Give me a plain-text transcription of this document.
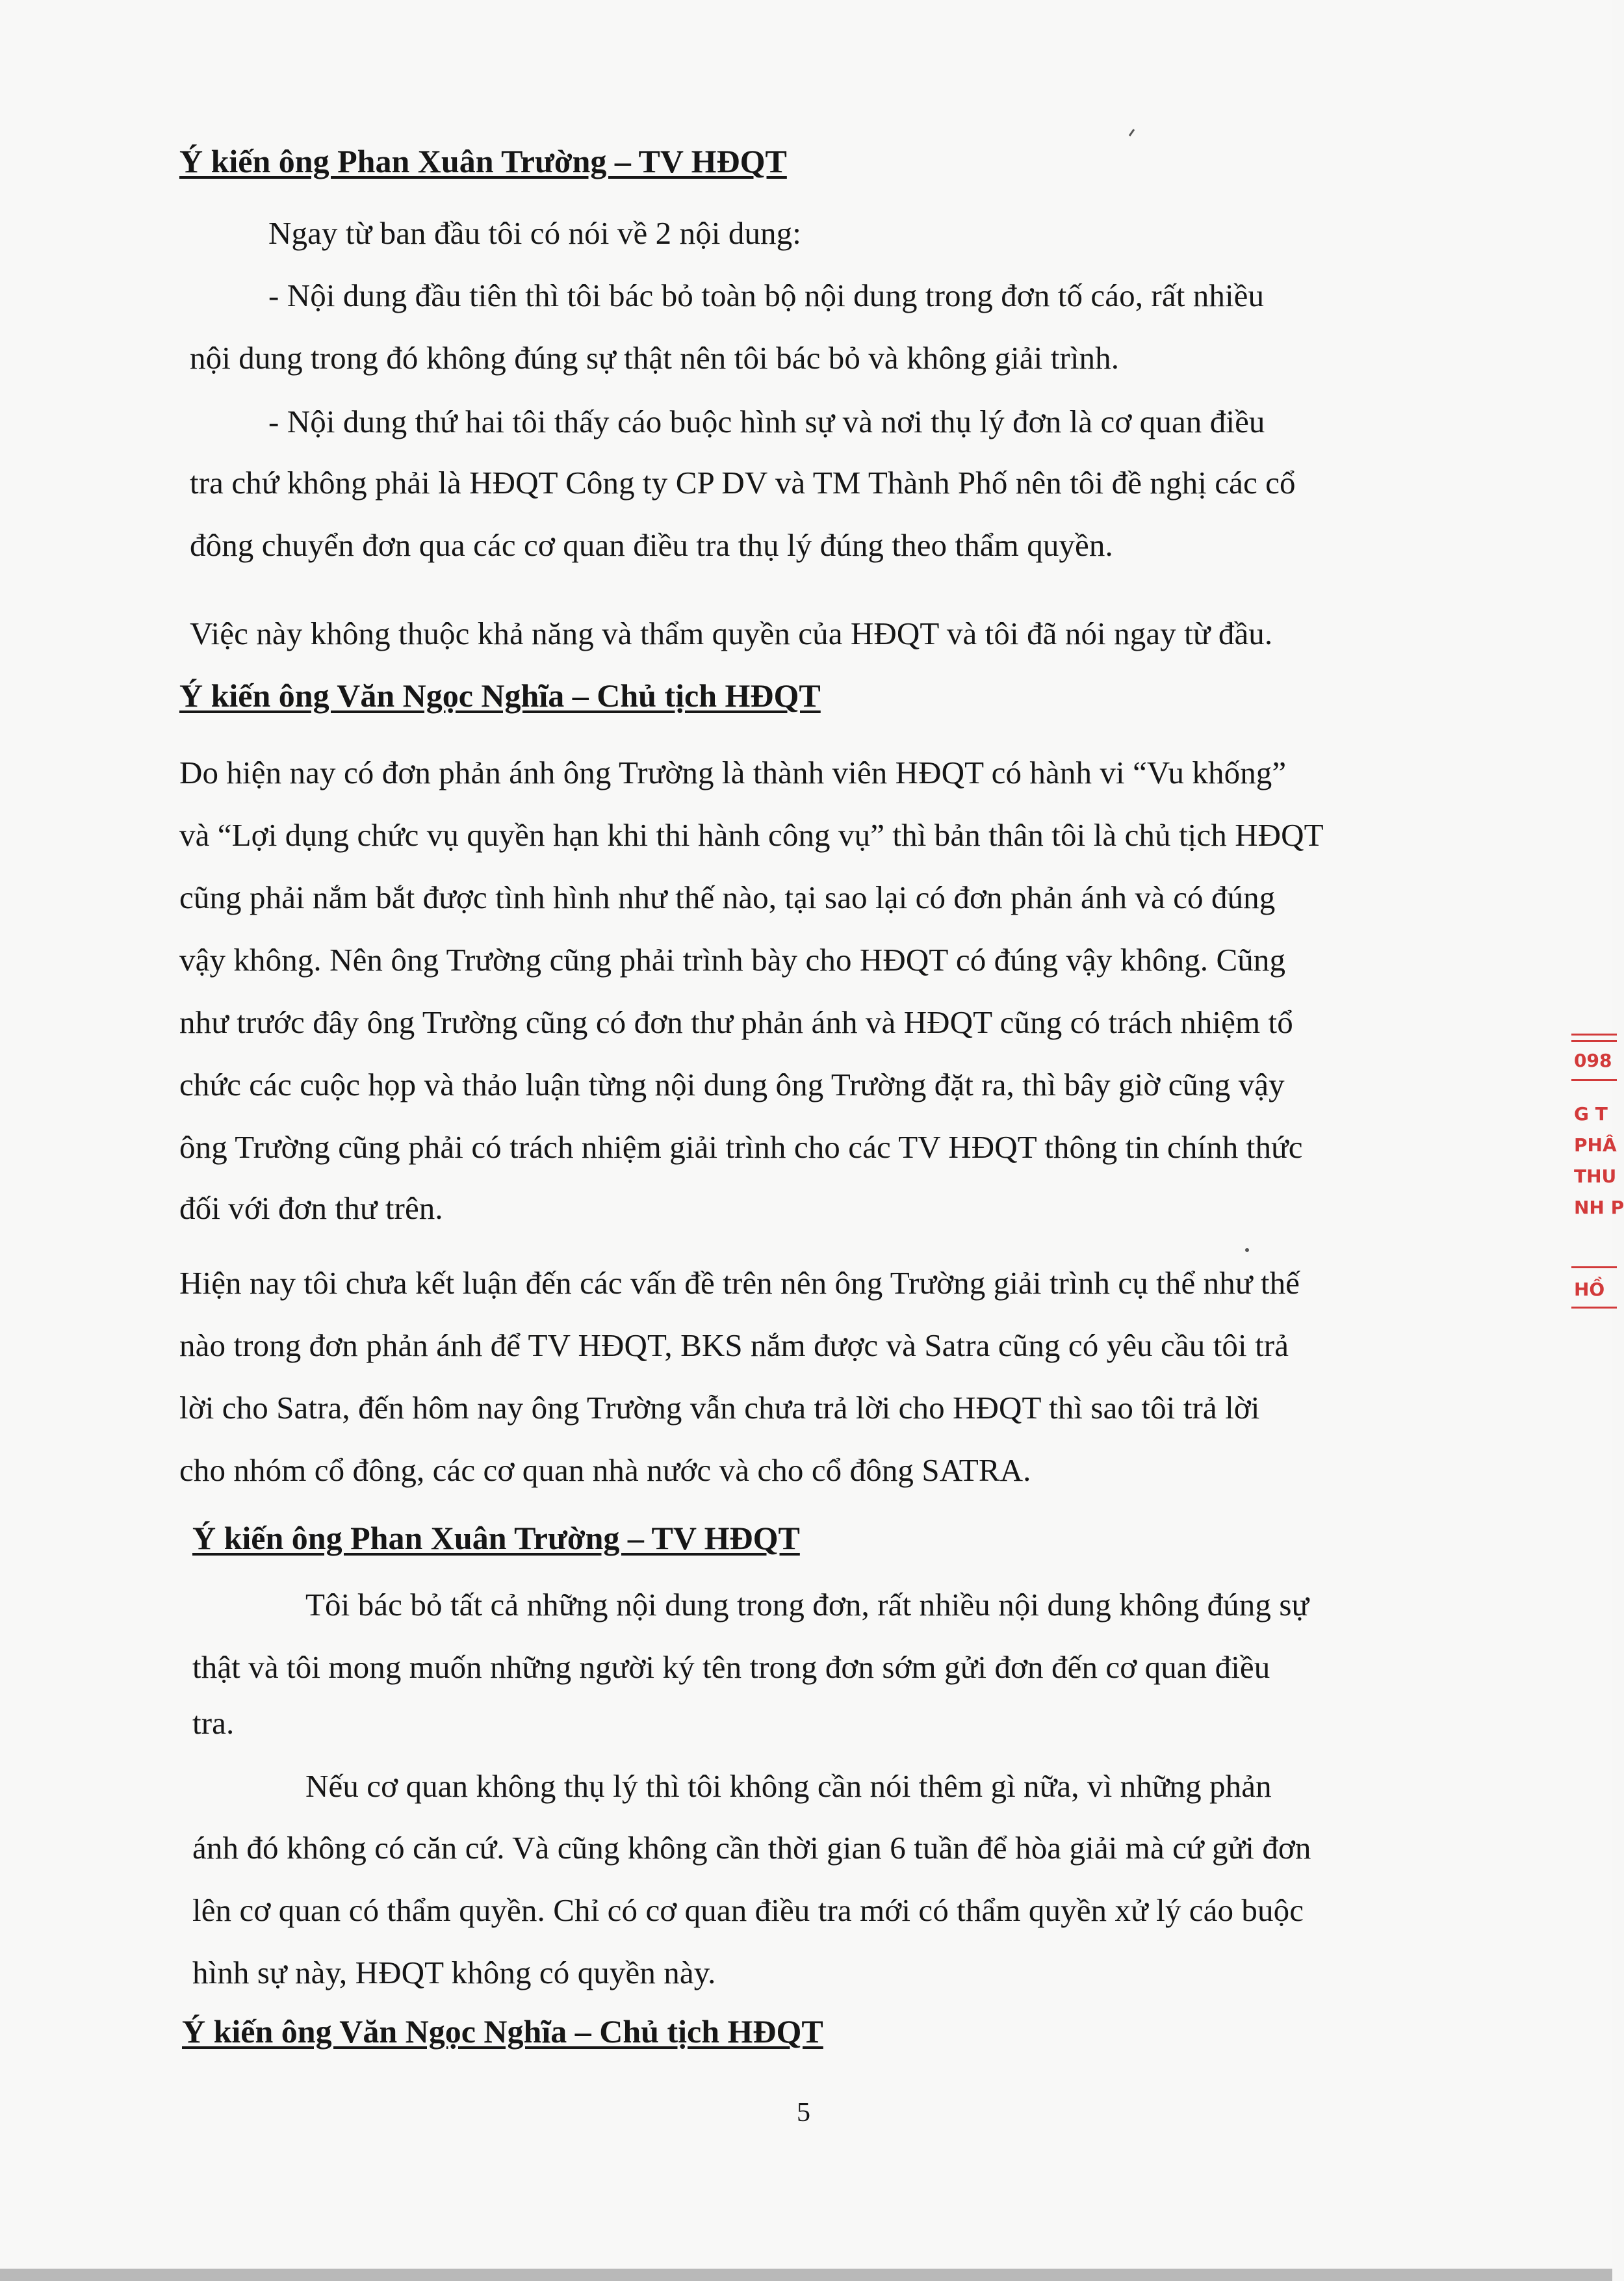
Ý kiến ông Phan Xuân Trường – TV HĐQT
Ngay từ ban đầu tôi có nói về 2 nội dung:
- Nội dung đầu tiên thì tôi bác bỏ toàn bộ nội dung trong đơn tố cáo, rất nhiều
nội dung trong đó không đúng sự thật nên tôi bác bỏ và không giải trình.
- Nội dung thứ hai tôi thấy cáo buộc hình sự và nơi thụ lý đơn là cơ quan điều
tra chứ không phải là HĐQT Công ty CP DV và TM Thành Phố nên tôi đề nghị các cổ
đông chuyển đơn qua các cơ quan điều tra thụ lý đúng theo thẩm quyền.
Việc này không thuộc khả năng và thẩm quyền của HĐQT và tôi đã nói ngay từ đầu.
Ý kiến ông Văn Ngọc Nghĩa – Chủ tịch HĐQT
Do hiện nay có đơn phản ánh ông Trường là thành viên HĐQT có hành vi “Vu khống”
và “Lợi dụng chức vụ quyền hạn khi thi hành công vụ” thì bản thân tôi là chủ tịch HĐQT
cũng phải nắm bắt được tình hình như thế nào, tại sao lại có đơn phản ánh và có đúng
vậy không. Nên ông Trường cũng phải trình bày cho HĐQT có đúng vậy không. Cũng
như trước đây ông Trường cũng có đơn thư phản ánh và HĐQT cũng có trách nhiệm tổ
chức các cuộc họp và thảo luận từng nội dung ông Trường đặt ra, thì bây giờ cũng vậy
ông Trường cũng phải có trách nhiệm giải trình cho các TV HĐQT thông tin chính thức
đối với đơn thư trên.
Hiện nay tôi chưa kết luận đến các vấn đề trên nên ông Trường giải trình cụ thể như thế
nào trong đơn phản ánh để TV HĐQT, BKS nắm được và Satra cũng có yêu cầu tôi trả
lời cho Satra, đến hôm nay ông Trường vẫn chưa trả lời cho HĐQT thì sao tôi trả lời
cho nhóm cổ đông, các cơ quan nhà nước và cho cổ đông SATRA.
Ý kiến ông Phan Xuân Trường – TV HĐQT
Tôi bác bỏ tất cả những nội dung trong đơn, rất nhiều nội dung không đúng sự
thật và tôi mong muốn những người ký tên trong đơn sớm gửi đơn đến cơ quan điều
tra.
Nếu cơ quan không thụ lý thì tôi không cần nói thêm gì nữa, vì những phản
ánh đó không có căn cứ. Và cũng không cần thời gian 6 tuần để hòa giải mà cứ gửi đơn
lên cơ quan có thẩm quyền. Chỉ có cơ quan điều tra mới có thẩm quyền xử lý cáo buộc
hình sự này, HĐQT không có quyền này.
Ý kiến ông Văn Ngọc Nghĩa – Chủ tịch HĐQT
5
098
G T
PHÂ
THU
NH P
HỒ
